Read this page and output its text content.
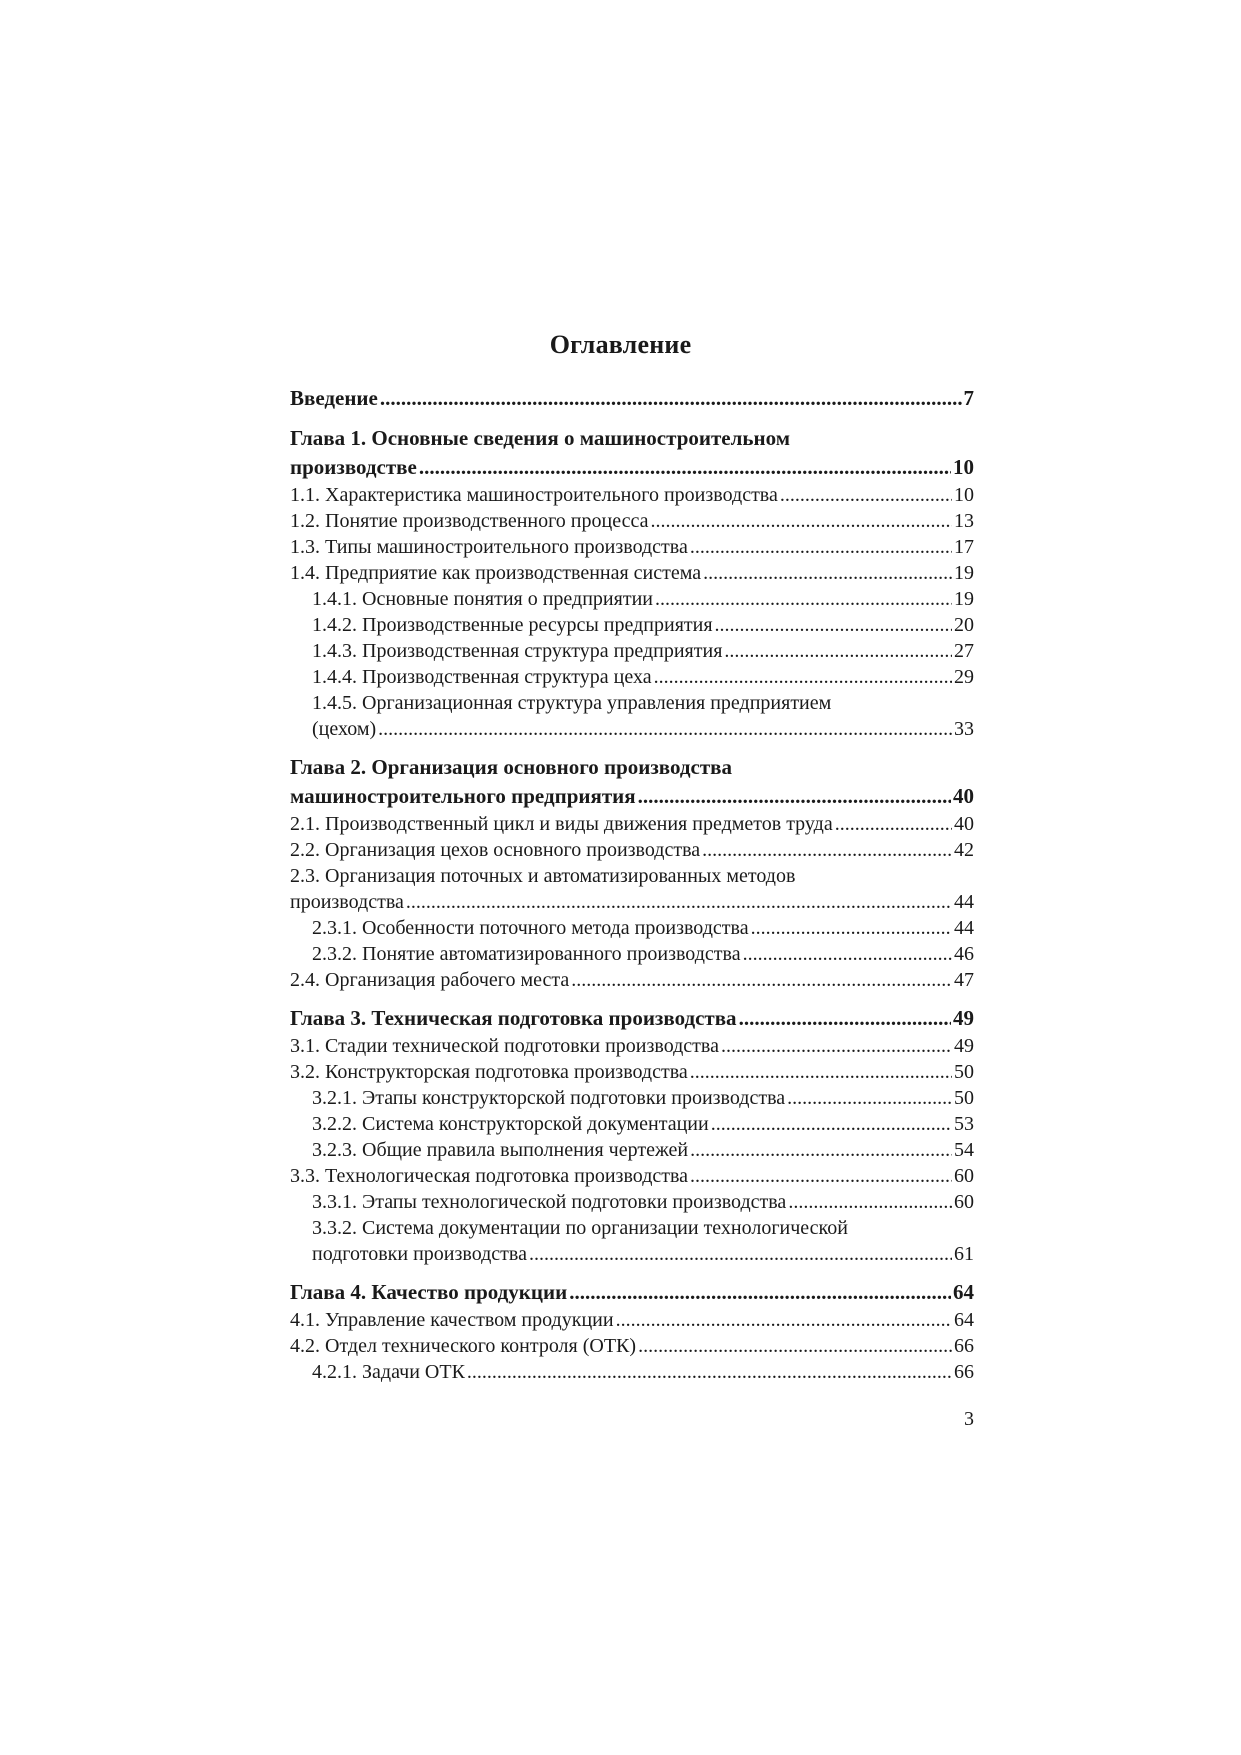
Оглавление
Введение .....	7
Глава 1. Основные сведения о машиностроительном
производстве .....	10
1.1. Характеристика машиностроительного производства .....	10
1.2. Понятие производственного процесса .....	13
1.3. Типы машиностроительного производства .....	17
1.4. Предприятие как производственная система .....	19
1.4.1. Основные понятия о предприятии .....	19
1.4.2. Производственные ресурсы предприятия .....	20
1.4.3. Производственная структура предприятия .....	27
1.4.4. Производственная структура цеха .....	29
1.4.5. Организационная структура управления предприятием
(цехом) .....	33
Глава 2. Организация основного производства
машиностроительного предприятия .....	40
2.1. Производственный цикл и виды движения предметов труда .....	40
2.2. Организация цехов основного производства .....	42
2.3. Организация поточных и автоматизированных методов
производства .....	44
2.3.1. Особенности поточного метода производства .....	44
2.3.2. Понятие автоматизированного производства .....	46
2.4. Организация рабочего места .....	47
Глава 3. Техническая подготовка производства .....	49
3.1. Стадии технической подготовки производства .....	49
3.2. Конструкторская подготовка производства .....	50
3.2.1. Этапы конструкторской подготовки производства .....	50
3.2.2. Система конструкторской документации .....	53
3.2.3. Общие правила выполнения чертежей .....	54
3.3. Технологическая подготовка производства .....	60
3.3.1. Этапы технологической подготовки производства .....	60
3.3.2. Система документации по организации технологической
подготовки производства .....	61
Глава 4. Качество продукции .....	64
4.1. Управление качеством продукции .....	64
4.2. Отдел технического контроля (ОТК) .....	66
4.2.1. Задачи ОТК .....	66
3
